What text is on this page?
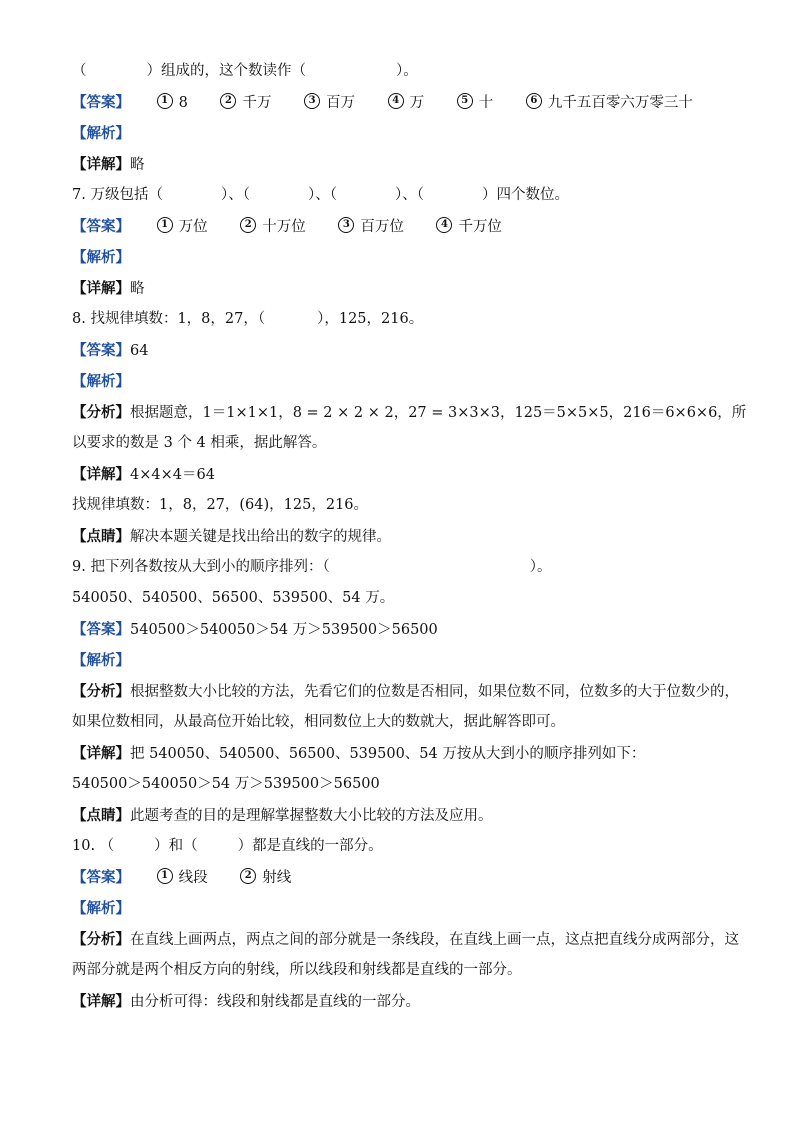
（	）组成的，这个数读作（	）。
【答案】	1 8	2 千万	3 百万	4 万	5 十	6 九千五百零六万零三十
【解析】
【详解】略
7. 万级包括（	）、（	）、（	）、（	）四个数位。
【答案】	1 万位	2 十万位	3 百万位	4 千万位
【解析】
【详解】略
8. 找规律填数：1，8，27，（	），125，216。
【答案】64
【解析】
【分析】根据题意，1＝1×1×1，8 = 2 × 2 × 2，27 = 3×3×3，125＝5×5×5，216＝6×6×6，所
以要求的数是 3 个 4 相乘，据此解答。
【详解】4×4×4＝64
找规律填数：1，8，27，(64)，125，216。
【点睛】解决本题关键是找出给出的数字的规律。
9. 把下列各数按从大到小的顺序排列：（	）。
540050、540500、56500、539500、54 万。
【答案】540500＞540050＞54 万＞539500＞56500
【解析】
【分析】根据整数大小比较的方法，先看它们的位数是否相同，如果位数不同，位数多的大于位数少的，
如果位数相同，从最高位开始比较，相同数位上大的数就大，据此解答即可。
【详解】把 540050、540500、56500、539500、54 万按从大到小的顺序排列如下：
540500＞540050＞54 万＞539500＞56500
【点睛】此题考查的目的是理解掌握整数大小比较的方法及应用。
10. （	）和（	）都是直线的一部分。
【答案】	1 线段	2 射线
【解析】
【分析】在直线上画两点，两点之间的部分就是一条线段，在直线上画一点，这点把直线分成两部分，这
两部分就是两个相反方向的射线，所以线段和射线都是直线的一部分。
【详解】由分析可得：线段和射线都是直线的一部分。
